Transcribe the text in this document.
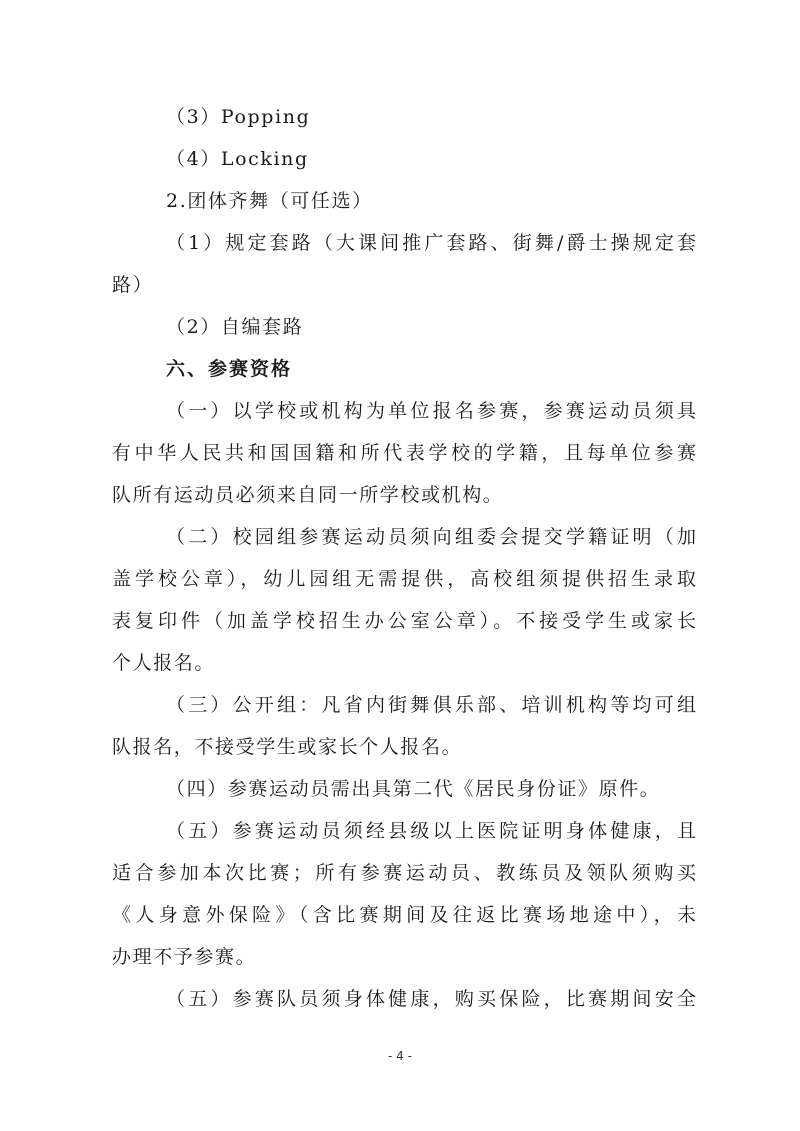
（3）Popping
（4）Locking
2.团体齐舞（可任选）
（1）规定套路（大课间推广套路、街舞/爵士操规定套
路）
（2）自编套路
六、参赛资格
（一）以学校或机构为单位报名参赛，参赛运动员须具
有中华人民共和国国籍和所代表学校的学籍，且每单位参赛
队所有运动员必须来自同一所学校或机构。
（二）校园组参赛运动员须向组委会提交学籍证明（加
盖学校公章），幼儿园组无需提供，高校组须提供招生录取
表复印件（加盖学校招生办公室公章）。不接受学生或家长
个人报名。
（三）公开组：凡省内街舞俱乐部、培训机构等均可组
队报名，不接受学生或家长个人报名。
（四）参赛运动员需出具第二代《居民身份证》原件。
（五）参赛运动员须经县级以上医院证明身体健康，且
适合参加本次比赛；所有参赛运动员、教练员及领队须购买
《人身意外保险》（含比赛期间及往返比赛场地途中），未
办理不予参赛。
（五）参赛队员须身体健康，购买保险，比赛期间安全
- 4 -
